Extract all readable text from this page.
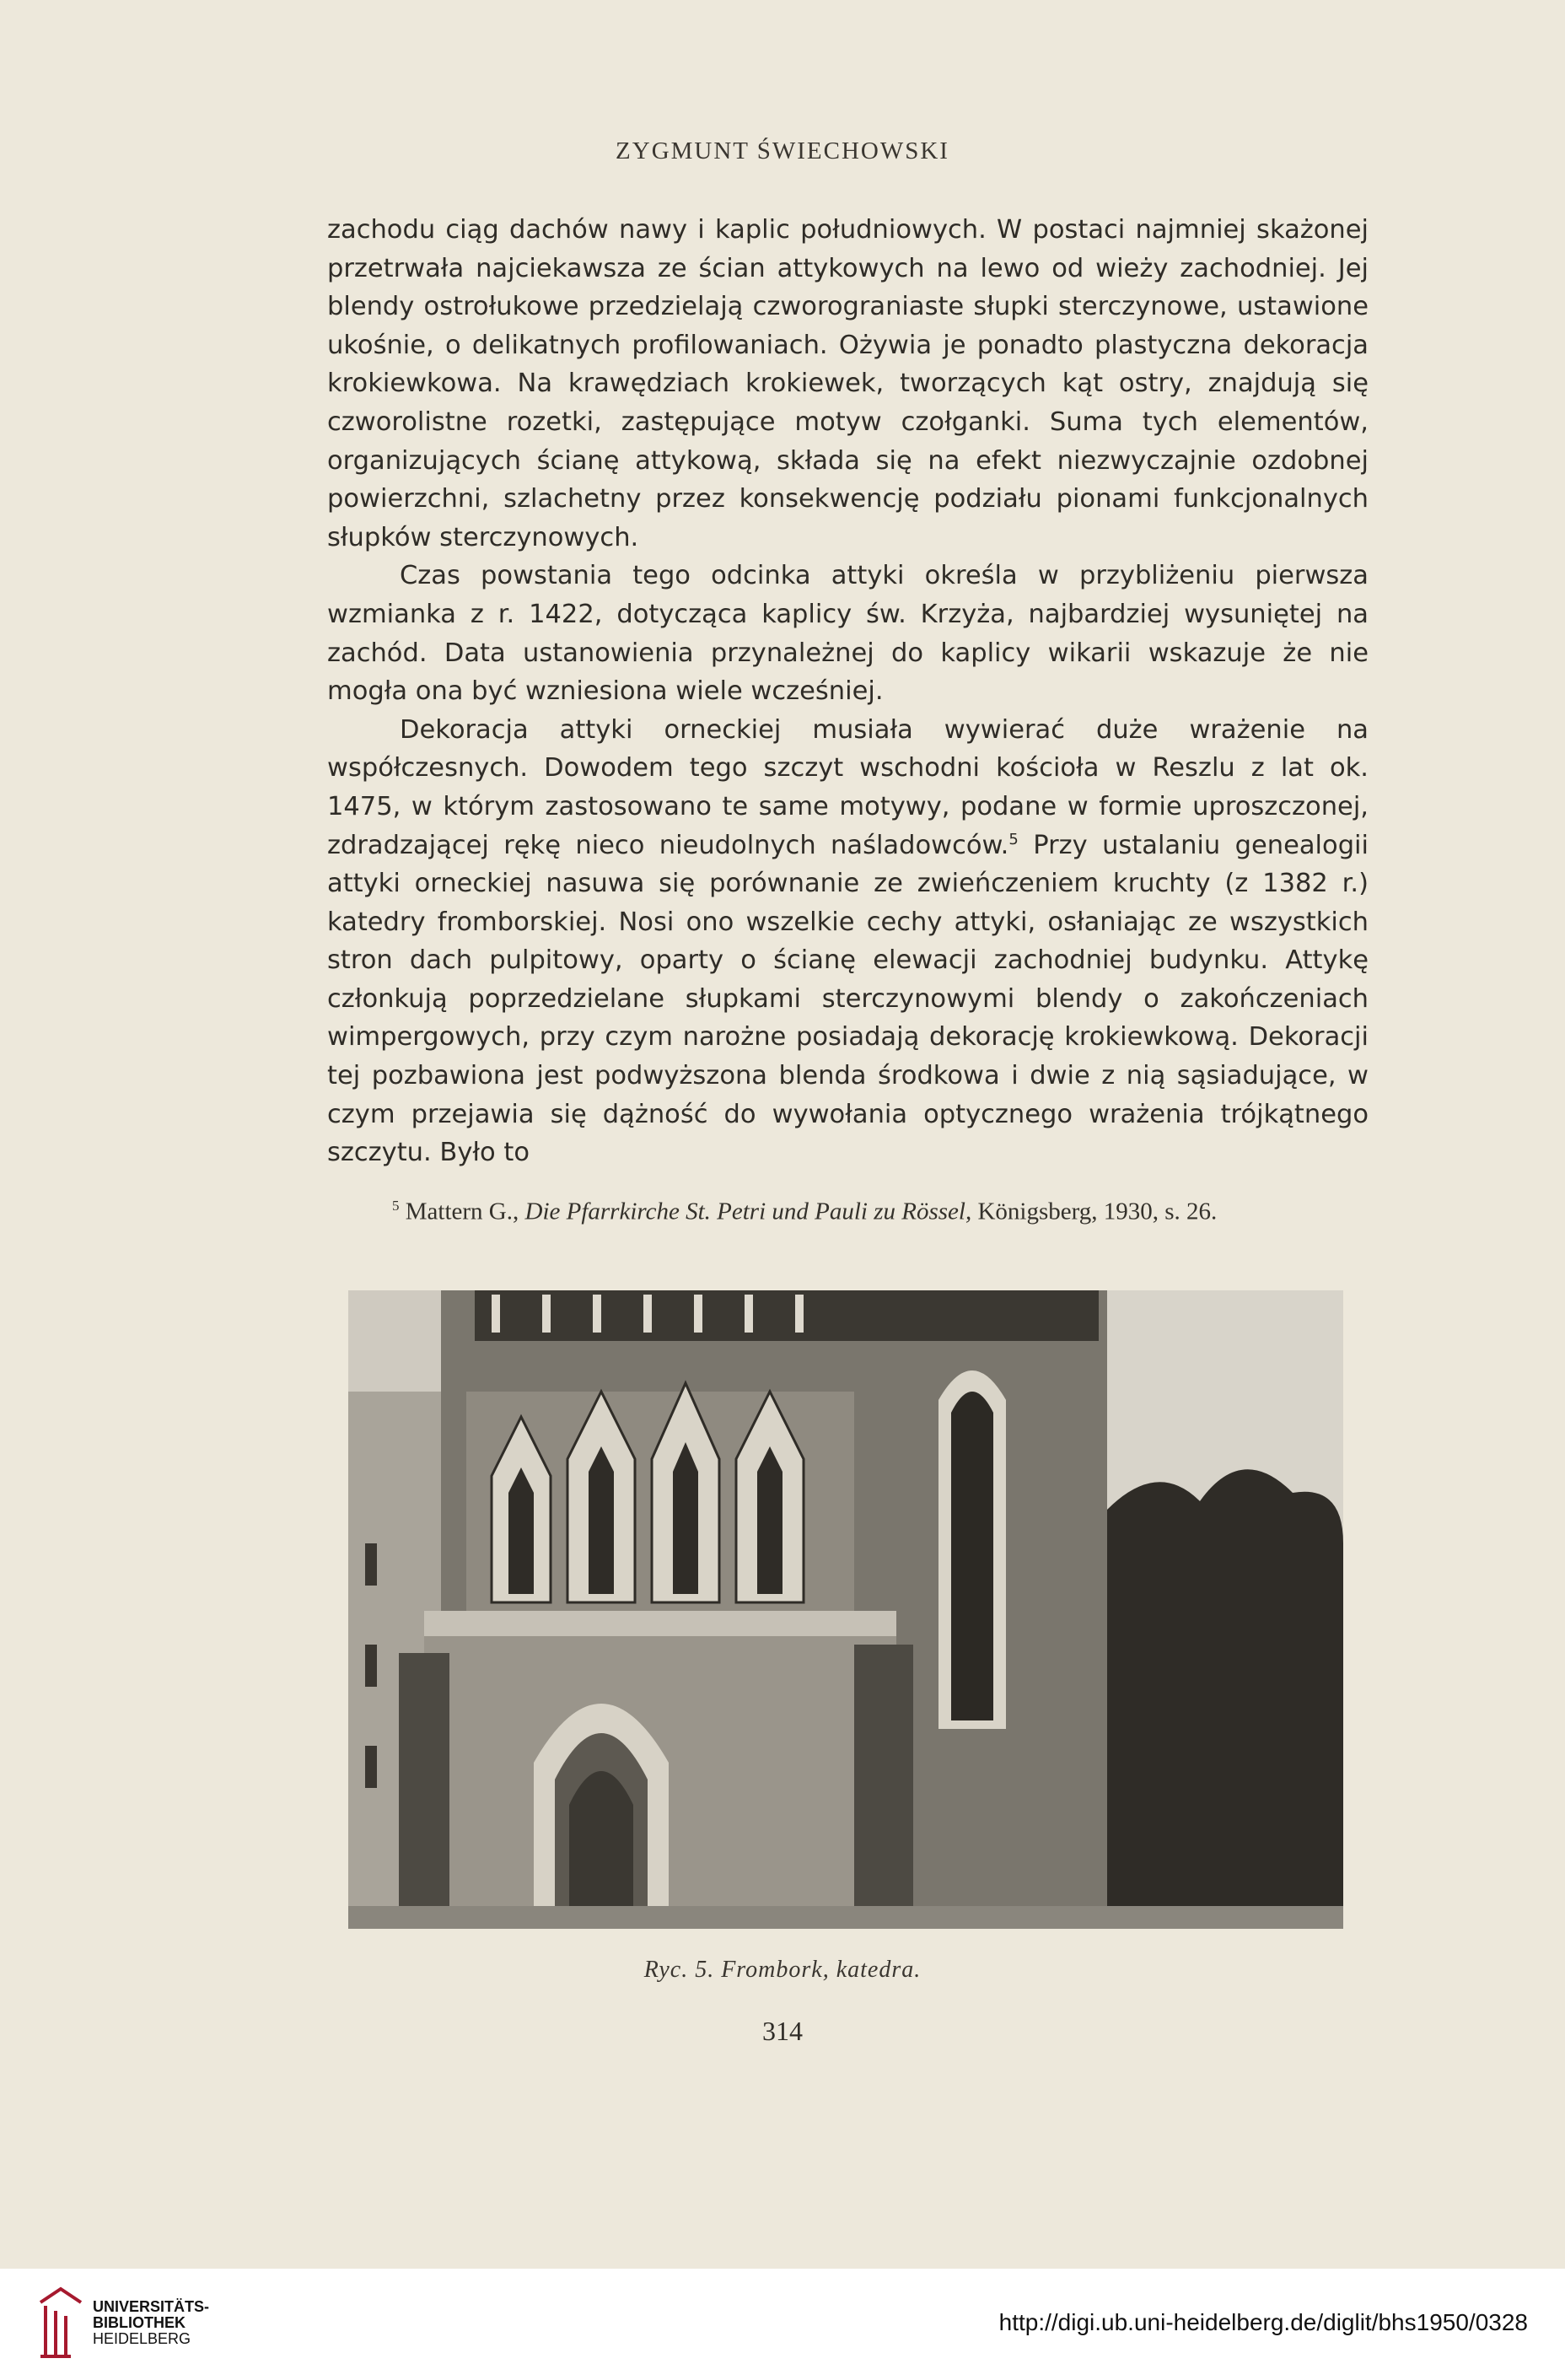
ZYGMUNT ŚWIECHOWSKI

zachodu ciąg dachów nawy i kaplic południowych. W postaci najmniej skażonej przetrwała najciekawsza ze ścian attykowych na lewo od wieży zachodniej. Jej blendy ostrołukowe przedzielają czworograniaste słupki sterczynowe, ustawione ukośnie, o delikatnych profilowaniach. Ożywia je ponadto plastyczna dekoracja krokiewkowa. Na krawędziach krokiewek, tworzących kąt ostry, znajdują się czworolistne rozetki, zastępujące motyw czołganki. Suma tych elementów, organizujących ścianę attykową, składa się na efekt niezwyczajnie ozdobnej powierzchni, szlachetny przez konsekwencję podziału pionami funkcjonalnych słupków sterczynowych.

Czas powstania tego odcinka attyki określa w przybliżeniu pierwsza wzmianka z r. 1422, dotycząca kaplicy św. Krzyża, najbardziej wysuniętej na zachód. Data ustanowienia przynależnej do kaplicy wikarii wskazuje że nie mogła ona być wzniesiona wiele wcześniej.

Dekoracja attyki orneckiej musiała wywierać duże wrażenie na współczesnych. Dowodem tego szczyt wschodni kościoła w Reszlu z lat ok. 1475, w którym zastosowano te same motywy, podane w formie uproszczonej, zdradzającej rękę nieco nieudolnych naśladowców.$^5$ Przy ustalaniu genealogii attyki orneckiej nasuwa się porównanie ze zwieńczeniem kruchty (z 1382 r.) katedry fromborskiej. Nosi ono wszelkie cechy attyki, osłaniając ze wszystkich stron dach pulpitowy, oparty o ścianę elewacji zachodniej budynku. Attykę członkują poprzedzielane słupkami sterczynowymi blendy o zakończeniach wimpergowych, przy czym narożne posiadają dekorację krokiewkową. Dekoracji tej pozbawiona jest podwyższona blenda środkowa i dwie z nią sąsiadujące, w czym przejawia się dążność do wywołania optycznego wrażenia trójkątnego szczytu. Było to

$^5$ Mattern G., Die Pfarrkirche St. Petri und Pauli zu Rössel, Königsberg, 1930, s. 26.
Ryc. 5. Frombork, katedra.
314
UNIVERSITÄTS-
BIBLIOTHEK
HEIDELBERG
http://digi.ub.uni-heidelberg.de/diglit/bhs1950/0328
